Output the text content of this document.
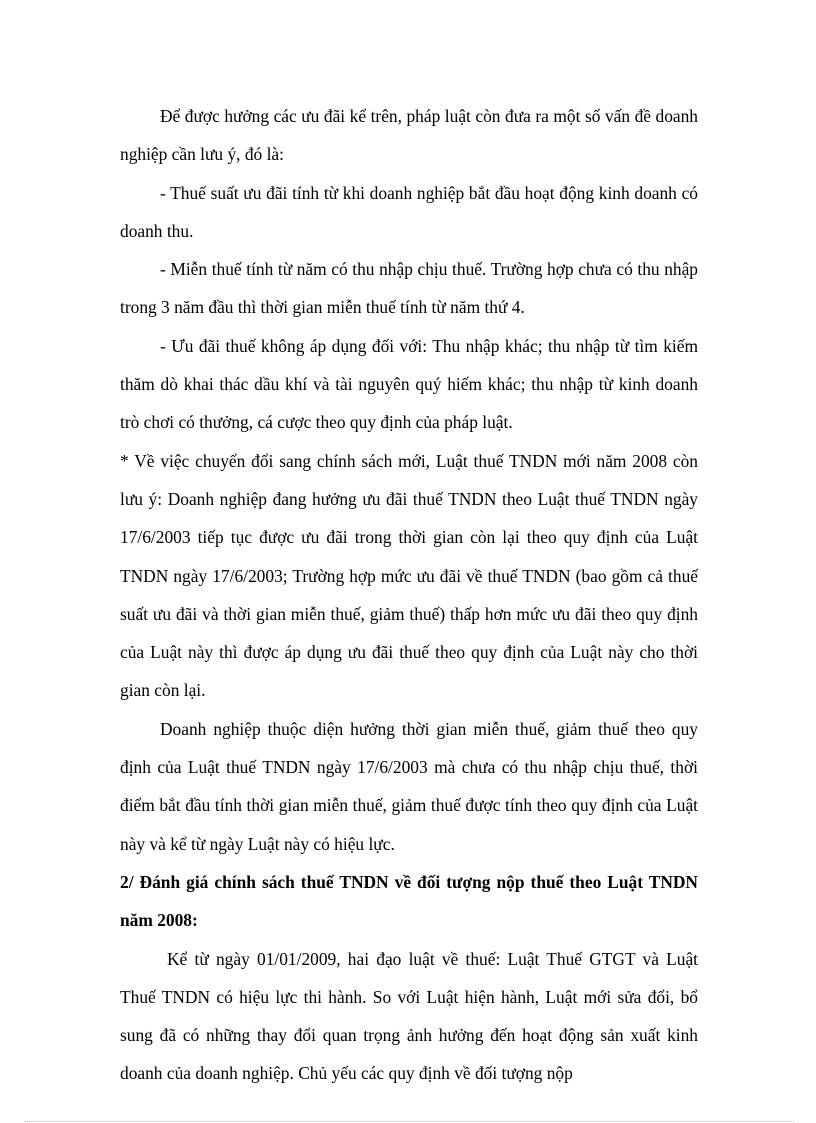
Để được hưởng các ưu đãi kể trên, pháp luật còn đưa ra một số vấn đề doanh nghiệp cần lưu ý, đó là:

- Thuế suất ưu đãi tính từ khi doanh nghiệp bắt đầu hoạt động kinh doanh có doanh thu.

- Miễn thuế tính từ năm có thu nhập chịu thuế. Trường hợp chưa có thu nhập trong 3 năm đầu thì thời gian miễn thuế tính từ năm thứ 4.

- Ưu đãi thuế không áp dụng đối với: Thu nhập khác; thu nhập từ tìm kiếm thăm dò khai thác dầu khí và tài nguyên quý hiếm khác; thu nhập từ kinh doanh trò chơi có thưởng, cá cược theo quy định của pháp luật.

* Về việc chuyển đổi sang chính sách mới, Luật thuế TNDN mới năm 2008 còn lưu ý: Doanh nghiệp đang hưởng ưu đãi thuế TNDN theo Luật thuế TNDN ngày 17/6/2003 tiếp tục được ưu đãi trong thời gian còn lại theo quy định của Luật TNDN ngày 17/6/2003; Trường hợp mức ưu đãi về thuế TNDN (bao gồm cả thuế suất ưu đãi và thời gian miễn thuế, giảm thuế) thấp hơn mức ưu đãi theo quy định của Luật này thì được áp dụng ưu đãi thuế theo quy định của Luật này cho thời gian còn lại.

Doanh nghiệp thuộc diện hưởng thời gian miễn thuế, giảm thuế theo quy định của Luật thuế TNDN ngày 17/6/2003 mà chưa có thu nhập chịu thuế, thời điểm bắt đầu tính thời gian miễn thuế, giảm thuế được tính theo quy định của Luật này và kể từ ngày Luật này có hiệu lực.

2/ Đánh giá chính sách thuế TNDN về đối tượng nộp thuế theo Luật TNDN năm 2008:

Kể từ ngày 01/01/2009, hai đạo luật về thuế: Luật Thuế GTGT và Luật Thuế TNDN có hiệu lực thi hành. So với Luật hiện hành, Luật mới sửa đổi, bổ sung đã có những thay đổi quan trọng ảnh hưởng đến hoạt động sản xuất kinh doanh của doanh nghiệp. Chủ yếu các quy định về đối tượng nộp
